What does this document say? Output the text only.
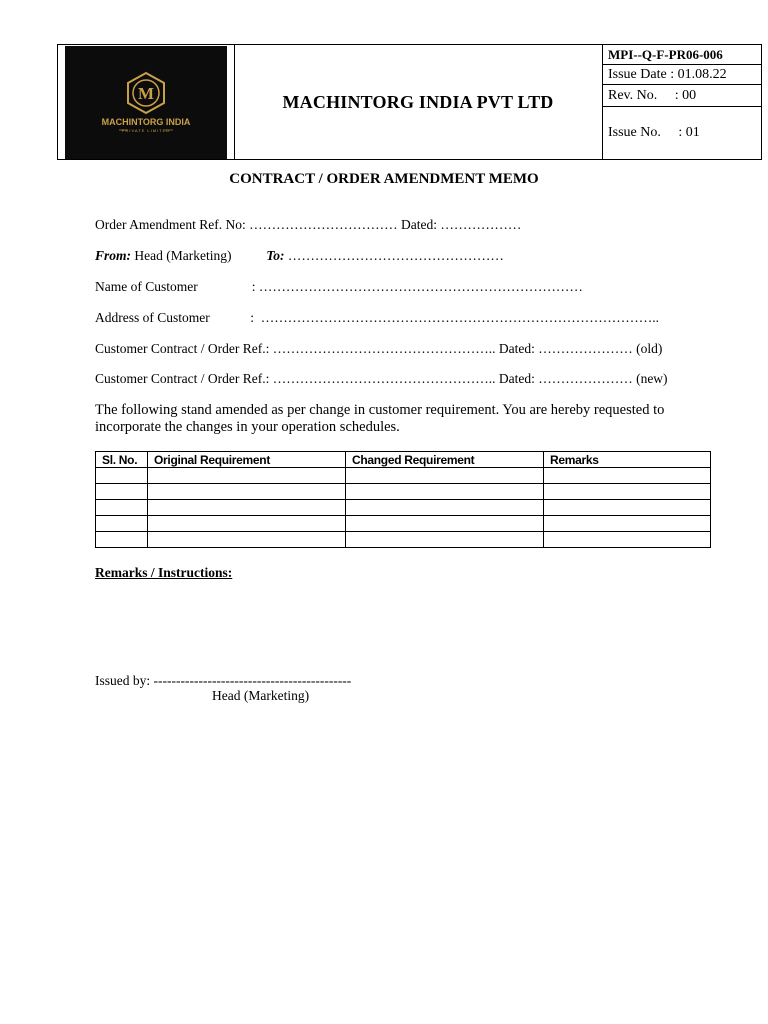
M
MACHINTORG INDIA
PRIVATE LIMITED
MACHINTORG INDIA PVT LTD
MPI--Q-F-PR06-006
Issue Date : 01.08.22
Rev. No.     : 00
Issue No.     : 01
CONTRACT / ORDER AMENDMENT MEMO
Order Amendment Ref. No: …………………………… Dated: ………………
From: Head (Marketing)	To: …………………………………………
Name of Customer                : ………………………………………………………………
Address of Customer            :  ……………………………………………………………………………..
Customer Contract / Order Ref.: ………………………………………….. Dated: ………………… (old)
Customer Contract / Order Ref.: ………………………………………….. Dated: ………………… (new)
The following stand amended as per change in customer requirement. You are hereby requested to incorporate the changes in your operation schedules.
Sl. No.	Original Requirement	Changed Requirement	Remarks

Remarks / Instructions:
Issued by: --------------------------------------------
Head (Marketing)
